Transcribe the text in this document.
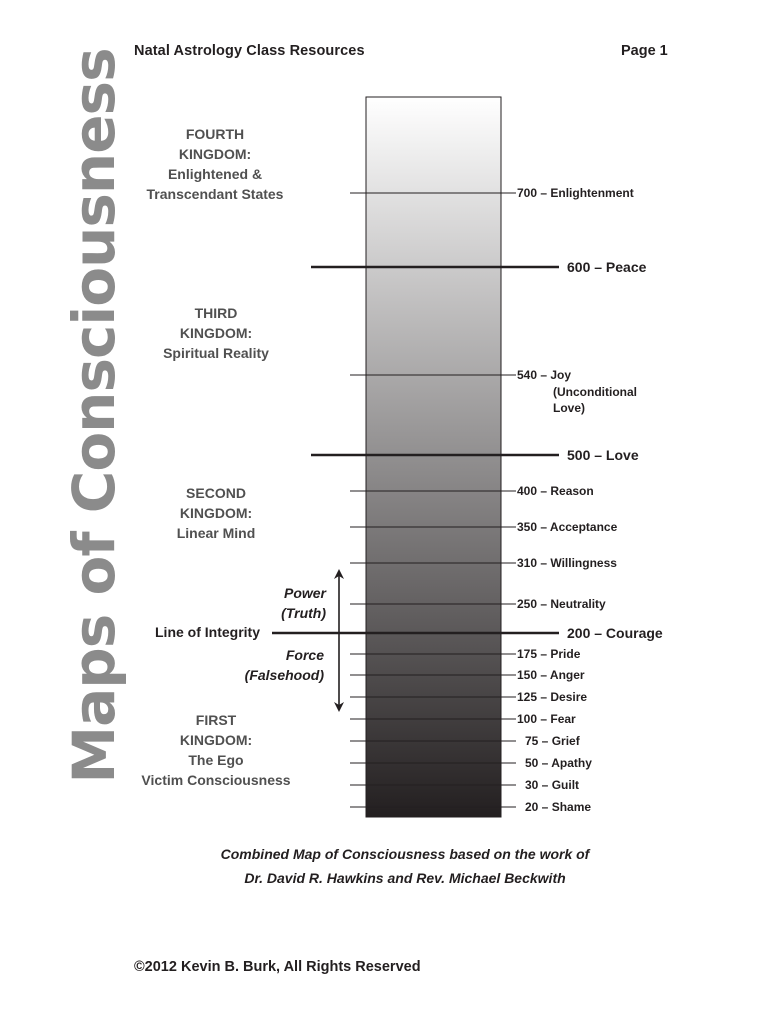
Natal Astrology Class Resources	Page 1
Maps of Consciousness	FOURTH
KINGDOM:
Enlightened &
Transcendant States
THIRD
KINGDOM:
Spiritual Reality
SECOND
KINGDOM:
Linear Mind
FIRST
KINGDOM:
The Ego
Victim Consciousness
700 – Enlightenment
600 – Peace
540 – Joy
(Unconditional
Love)
500 – Love
400 – Reason
350 – Acceptance
310 – Willingness
250 – Neutrality
200 – Courage
175 – Pride
150 – Anger
125 – Desire
100 – Fear
75 – Grief
50 – Apathy
30 – Guilt
20 – Shame
Line of Integrity
Power
(Truth)
Force
(Falsehood)
Combined Map of Consciousness based on the work of
Dr. David R. Hawkins and Rev. Michael Beckwith
©2012 Kevin B. Burk, All Rights Reserved
